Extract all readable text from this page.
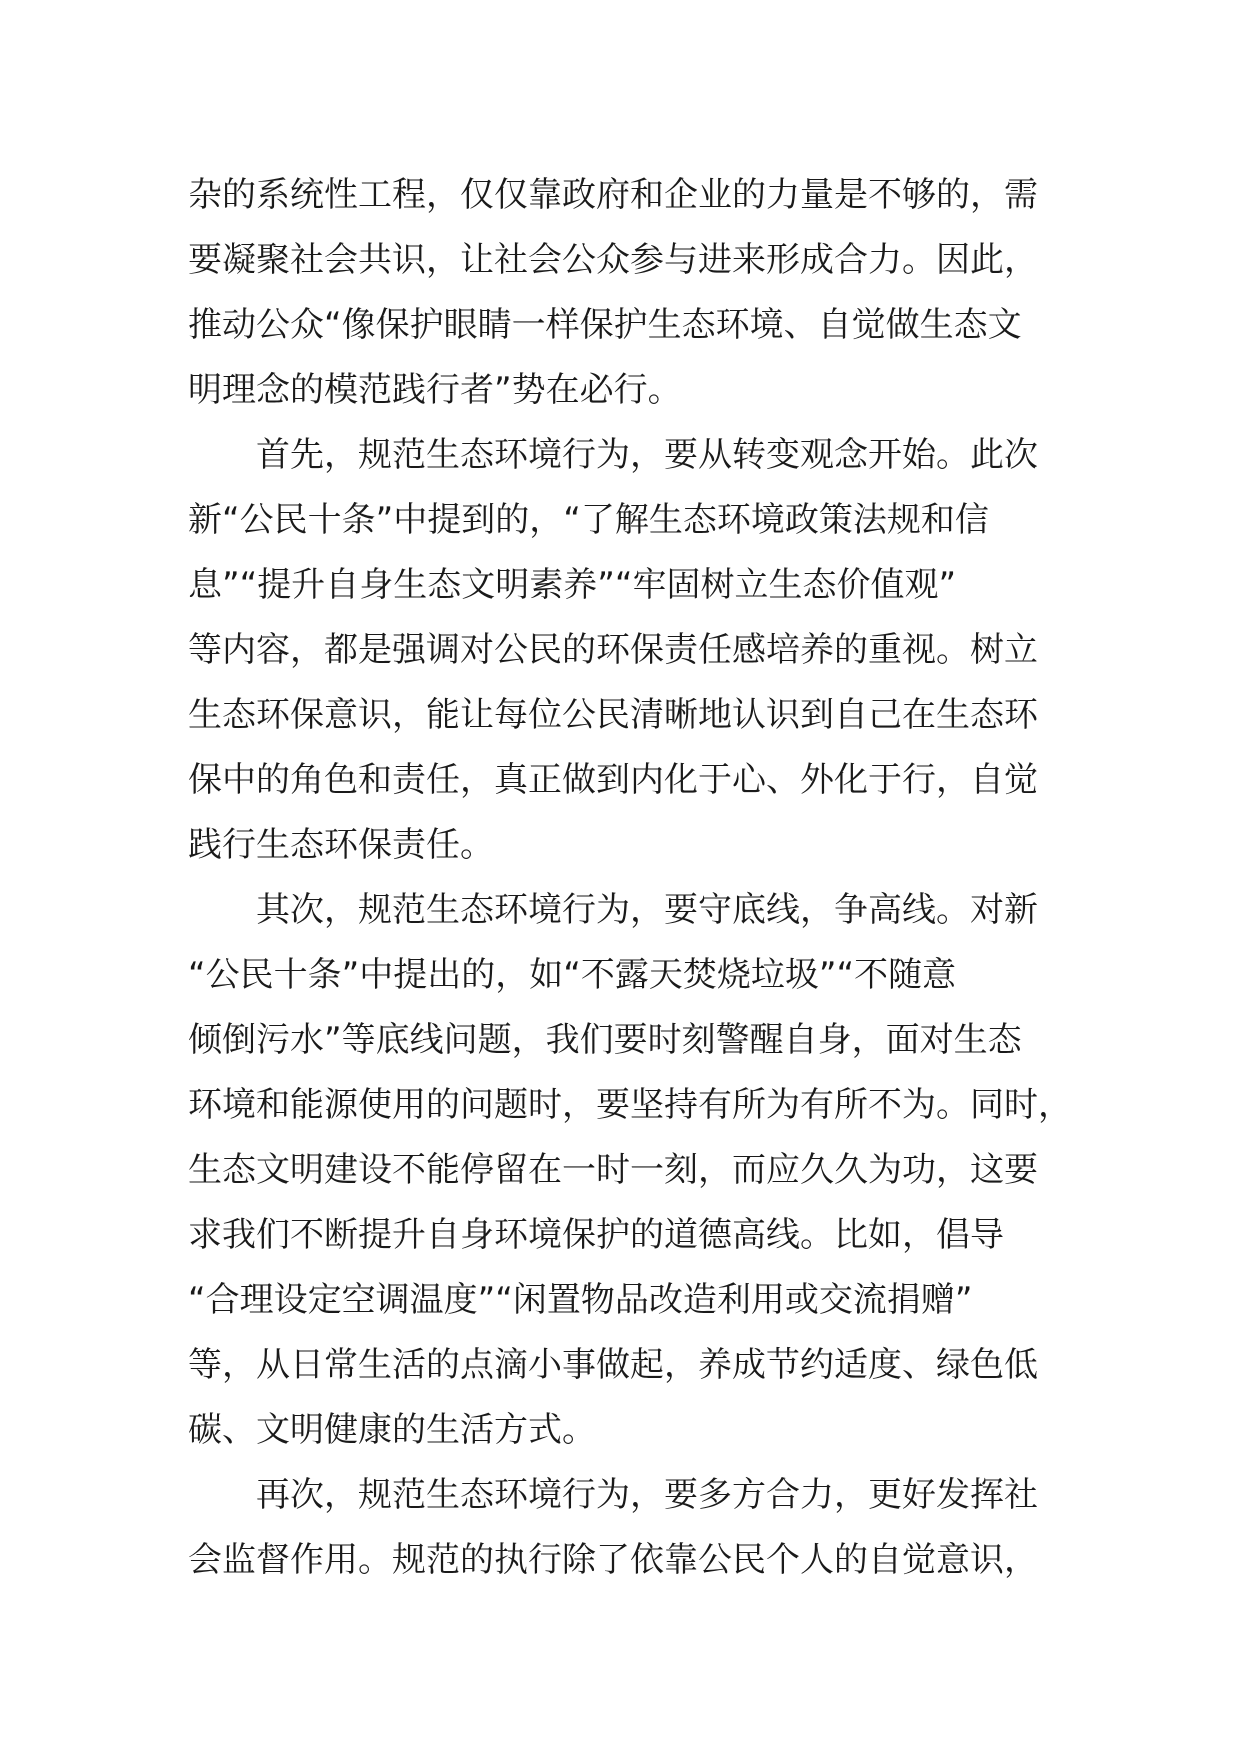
杂的系统性工程，仅仅靠政府和企业的力量是不够的，需
要凝聚社会共识，让社会公众参与进来形成合力。因此，
推动公众“像保护眼睛一样保护生态环境、自觉做生态文
明理念的模范践行者”势在必行。
　　首先，规范生态环境行为，要从转变观念开始。此次
新“公民十条”中提到的，“了解生态环境政策法规和信
息”“提升自身生态文明素养”“牢固树立生态价值观”
等内容，都是强调对公民的环保责任感培养的重视。树立
生态环保意识，能让每位公民清晰地认识到自己在生态环
保中的角色和责任，真正做到内化于心、外化于行，自觉
践行生态环保责任。
　　其次，规范生态环境行为，要守底线，争高线。对新
“公民十条”中提出的，如“不露天焚烧垃圾”“不随意
倾倒污水”等底线问题，我们要时刻警醒自身，面对生态
环境和能源使用的问题时，要坚持有所为有所不为。同时，
生态文明建设不能停留在一时一刻，而应久久为功，这要
求我们不断提升自身环境保护的道德高线。比如，倡导
“合理设定空调温度”“闲置物品改造利用或交流捐赠”
等，从日常生活的点滴小事做起，养成节约适度、绿色低
碳、文明健康的生活方式。
　　再次，规范生态环境行为，要多方合力，更好发挥社
会监督作用。规范的执行除了依靠公民个人的自觉意识，
